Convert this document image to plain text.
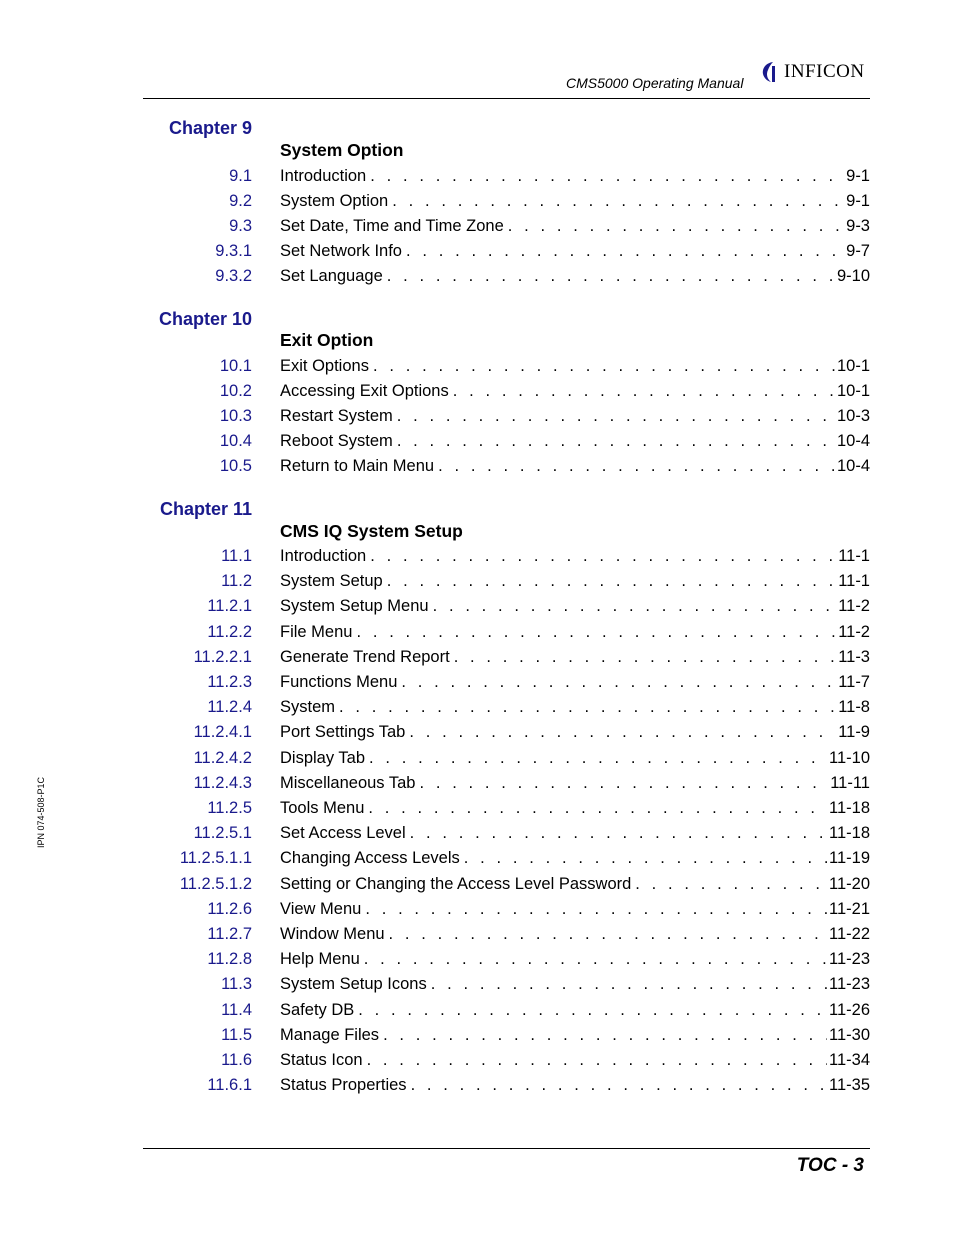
CMS5000 Operating Manual
INFICON
IPN 074-508-P1C
Chapter 9
System Option
9.1 Introduction . . .	9-1
9.2 System Option . . .	9-1
9.3 Set Date, Time and Time Zone . . .	9-3
9.3.1 Set Network Info . . .	9-7
9.3.2 Set Language . . .	9-10
Chapter 10
Exit Option
10.1 Exit Options . . .	10-1
10.2 Accessing Exit Options . . .	10-1
10.3 Restart System . . .	10-3
10.4 Reboot System . . .	10-4
10.5 Return to Main Menu . . .	10-4
Chapter 11
CMS IQ System Setup
11.1 Introduction . . .	11-1
11.2 System Setup . . .	11-1
11.2.1 System Setup Menu . . .	11-2
11.2.2 File Menu . . .	11-2
11.2.2.1 Generate Trend Report . . .	11-3
11.2.3 Functions Menu . . .	11-7
11.2.4 System . . .	11-8
11.2.4.1 Port Settings Tab . . .	11-9
11.2.4.2 Display Tab . . .	11-10
11.2.4.3 Miscellaneous Tab . . .	11-11
11.2.5 Tools Menu . . .	11-18
11.2.5.1 Set Access Level . . .	11-18
11.2.5.1.1 Changing Access Levels . . .	11-19
11.2.5.1.2 Setting or Changing the Access Level Password . . .	11-20
11.2.6 View Menu . . .	11-21
11.2.7 Window Menu . . .	11-22
11.2.8 Help Menu . . .	11-23
11.3 System Setup Icons . . .	11-23
11.4 Safety DB . . .	11-26
11.5 Manage Files . . .	11-30
11.6 Status Icon . . .	11-34
11.6.1 Status Properties . . .	11-35
TOC - 3
